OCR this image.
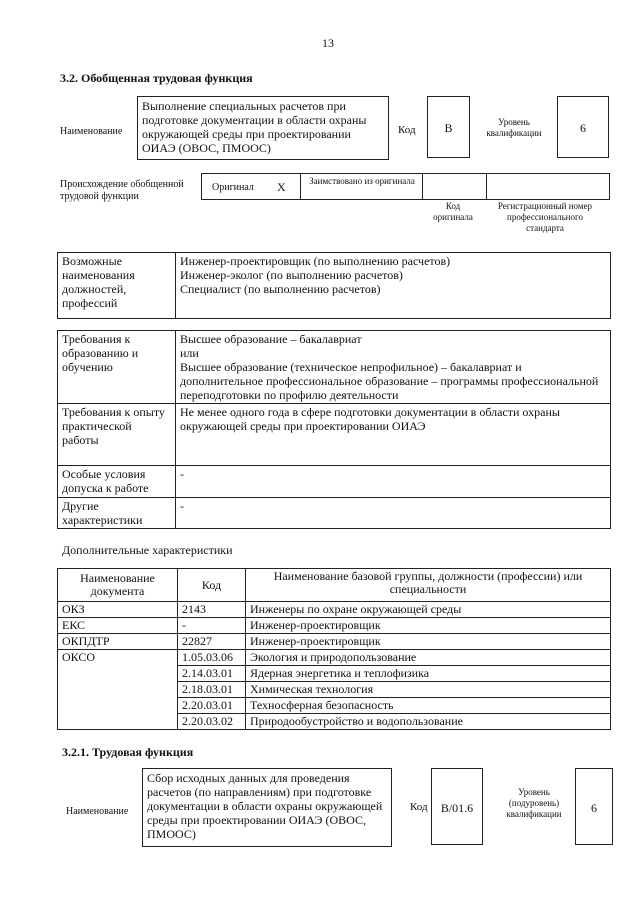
13
3.2. Обобщенная трудовая функция
Наименование
Выполнение специальных расчетов при подготовке документации в области охраны окружающей среды при проектировании ОИАЭ (ОВОС, ПМООС)
Код	B	Уровень квалификации	6
Происхождение обобщенной трудовой функции
Оригинал X	Заимствовано из оригинала
Код оригинала
Регистрационный номер профессионального стандарта
Возможные наименования должностей, профессий	
Инженер-проектировщик (по выполнению расчетов)
Инженер-эколог (по выполнению расчетов)
Специалист (по выполнению расчетов)
Требования к образованию и обучению	Высшее образование – бакалавриат
или
Высшее образование (техническое непрофильное) – бакалавриат и дополнительное профессиональное образование – программы профессиональной переподготовки по профилю деятельности

Требования к опыту практической работы	Не менее одного года в сфере подготовки документации в области охраны окружающей среды при проектировании ОИАЭ
Особые условия допуска к работе	-
Другие характеристики	-
Дополнительные характеристики
Наименование документа	Код	Наименование базовой группы, должности (профессии) или специальности
ОКЗ	2143	Инженеры по охране окружающей среды
ЕКС	-	Инженер-проектировщик
ОКПДТР	22827	Инженер-проектировщик
ОКСО	1.05.03.06	Экология и природопользование
	2.14.03.01	Ядерная энергетика и теплофизика
	2.18.03.01	Химическая технология
	2.20.03.01	Техносферная безопасность
	2.20.03.02	Природообустройство и водопользование
3.2.1. Трудовая функция
Наименование
Сбор исходных данных для проведения расчетов (по направлениям) при подготовке документации в области охраны окружающей среды при проектировании ОИАЭ (ОВОС, ПМООС)
Код	B/01.6
Уровень (подуровень) квалификации	6
